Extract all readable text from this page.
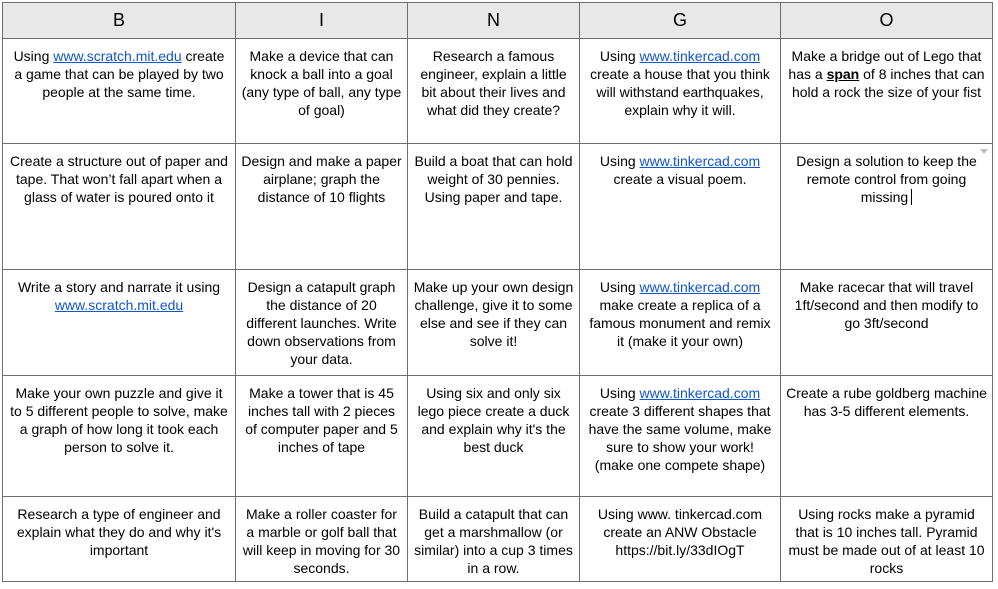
B	I	N	G	O
Using www.scratch.mit.edu create a game that can be played by two people at the same time.	Make a device that can knock a ball into a goal (any type of ball, any type of goal)	Research a famous engineer, explain a little bit about their lives and what did they create?	Using www.tinkercad.com create a house that you think will withstand earthquakes, explain why it will.	Make a bridge out of Lego that has a span of 8 inches that can hold a rock the size of your fist
Create a structure out of paper and tape. That won’t fall apart when a glass of water is poured onto it	Design and make a paper airplane; graph the distance of 10 flights	Build a boat that can hold weight of 30 pennies. Using paper and tape.	Using www.tinkercad.com create a visual poem.	Design a solution to keep the remote control from going missing

Write a story and narrate it using www.scratch.mit.edu	Design a catapult graph the distance of 20 different launches. Write down observations from your data.	Make up your own design challenge, give it to some else and see if they can solve it!	Using www.tinkercad.com make create a replica of a famous monument and remix it (make it your own)	Make racecar that will travel 1ft/second and then modify to go 3ft/second
Make your own puzzle and give it to 5 different people to solve, make a graph of how long it took each person to solve it.	Make a tower that is 45 inches tall with 2 pieces of computer paper and 5 inches of tape	Using six and only six lego piece create a duck and explain why it's the best duck	Using www.tinkercad.com create 3 different shapes that have the same volume, make sure to show your work! (make one compete shape)	Create a rube goldberg machine has 3-5 different elements.
Research a type of engineer and explain what they do and why it's important	Make a roller coaster for a marble or golf ball that will keep in moving for 30 seconds.	Build a catapult that can get a marshmallow (or similar) into a cup 3 times in a row.	Using www. tinkercad.com create an ANW Obstacle https://bit.ly/33dIOgT	Using rocks make a pyramid that is 10 inches tall. Pyramid must be made out of at least 10 rocks
